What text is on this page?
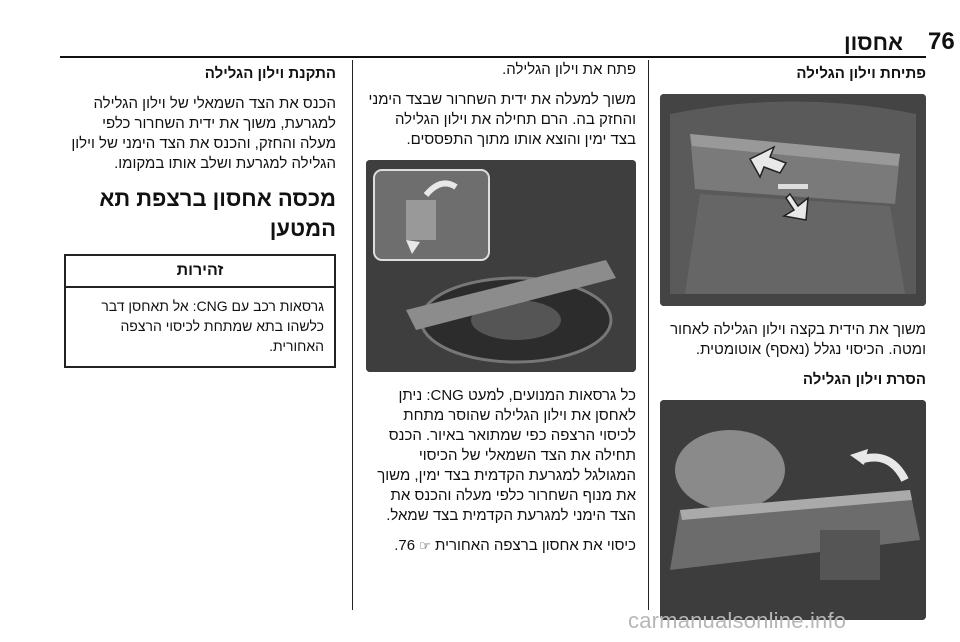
אחסון 76
פתיחת וילון הגלילה
משוך את הידית בקצה וילון הגלילה לאחור ומטה. הכיסוי נגלל (נאסף) אוטומטית.
הסרת וילון הגלילה
פתח את וילון הגלילה.
משוך למעלה את ידית השחרור שבצד הימני והחזק בה. הרם תחילה את וילון הגלילה בצד ימין והוצא אותו מתוך התפססים.
כל גרסאות המנועים, למעט CNG: ניתן לאחסן את וילון הגלילה שהוסר מתחת לכיסוי הרצפה כפי שמתואר באיור. הכנס תחילה את הצד השמאלי של הכיסוי המגולגל למגרעת הקדמית בצד ימין, משוך את מנוף השחרור כלפי מעלה והכנס את הצד הימני למגרעת הקדמית בצד שמאל.
כיסוי את אחסון ברצפה האחורית ☞ 76.
התקנת וילון הגלילה
הכנס את הצד השמאלי של וילון הגלילה למגרעת, משוך את ידית השחרור כלפי מעלה והחזק, והכנס את הצד הימני של וילון הגלילה למגרעת ושלב אותו במקומו.
מכסה אחסון ברצפת תא המטען
זהירות
גרסאות רכב עם CNG: אל תאחסן דבר כלשהו בתא שמתחת לכיסוי הרצפה האחורית.
carmanualsonline.info
